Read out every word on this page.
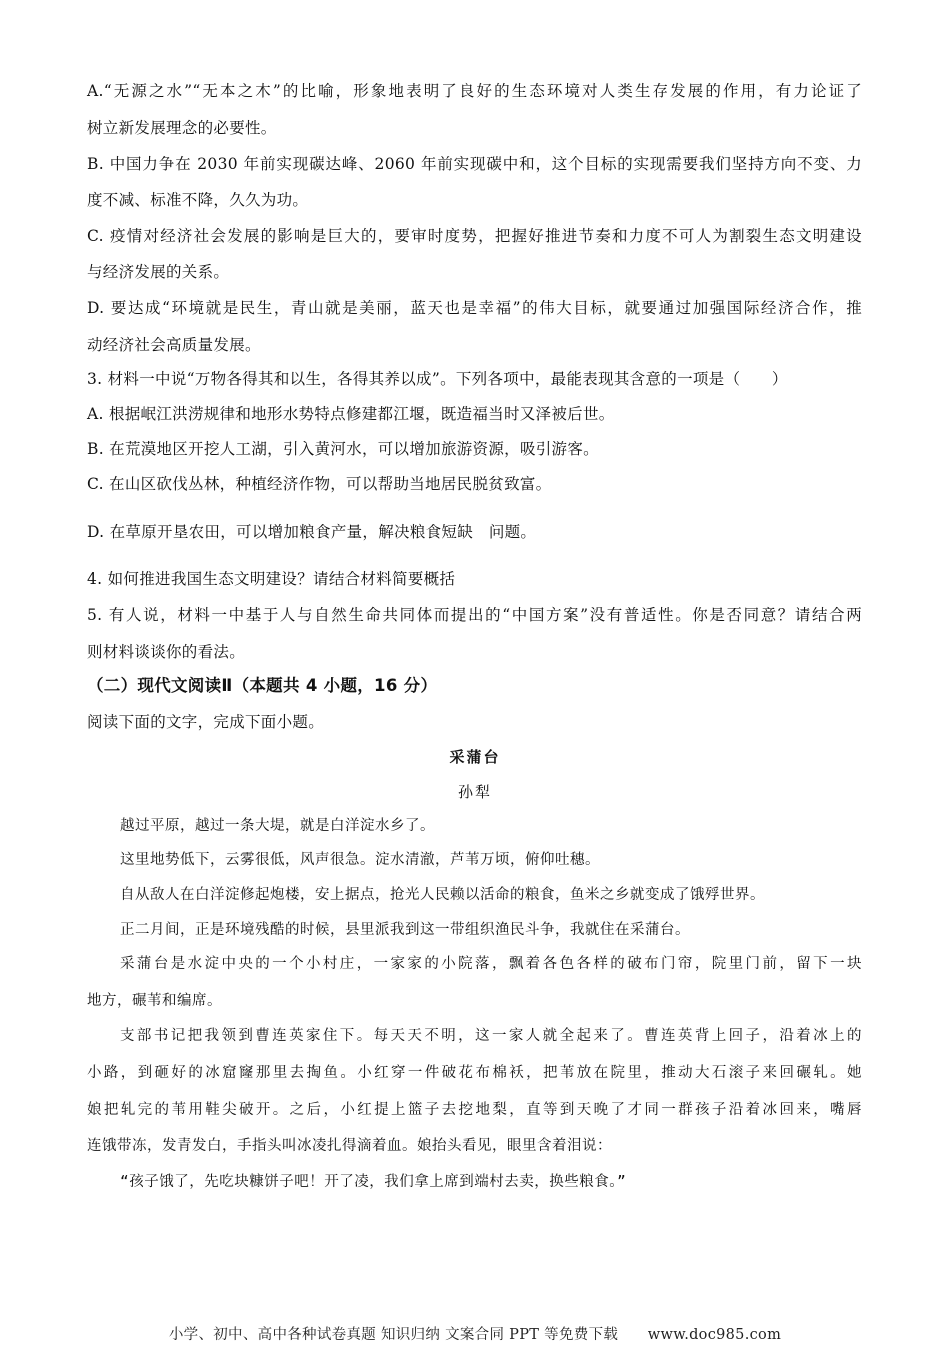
A.“无源之水”“无本之木”的比喻，形象地表明了良好的生态环境对人类生存发展的作用，有力论证了
树立新发展理念的必要性。
B. 中国力争在 2030 年前实现碳达峰、2060 年前实现碳中和，这个目标的实现需要我们坚持方向不变、力
度不减、标准不降，久久为功。
C. 疫情对经济社会发展的影响是巨大的，要审时度势，把握好推进节奏和力度不可人为割裂生态文明建设
与经济发展的关系。
D. 要达成“环境就是民生，青山就是美丽，蓝天也是幸福”的伟大目标，就要通过加强国际经济合作，推
动经济社会高质量发展。
3. 材料一中说“万物各得其和以生，各得其养以成”。下列各项中，最能表现其含意的一项是（　　）
A. 根据岷江洪涝规律和地形水势特点修建都江堰，既造福当时又泽被后世。
B. 在荒漠地区开挖人工湖，引入黄河水，可以增加旅游资源，吸引游客。
C. 在山区砍伐丛林，种植经济作物，可以帮助当地居民脱贫致富。
D. 在草原开垦农田，可以增加粮食产量，解决粮食短缺　问题。
4. 如何推进我国生态文明建设？请结合材料简要概括
5. 有人说，材料一中基于人与自然生命共同体而提出的“中国方案”没有普适性。你是否同意？请结合两
则材料谈谈你的看法。
（二）现代文阅读Ⅱ（本题共 4 小题，16 分）
阅读下面的文字，完成下面小题。
采蒲台
孙犁
越过平原，越过一条大堤，就是白洋淀水乡了。
这里地势低下，云雾很低，风声很急。淀水清澈，芦苇万顷，俯仰吐穗。
自从敌人在白洋淀修起炮楼，安上据点，抢光人民赖以活命的粮食，鱼米之乡就变成了饿殍世界。
正二月间，正是环境残酷的时候，县里派我到这一带组织渔民斗争，我就住在采蒲台。
采蒲台是水淀中央的一个小村庄，一家家的小院落，飘着各色各样的破布门帘，院里门前，留下一块
地方，碾苇和编席。
支部书记把我领到曹连英家住下。每天天不明，这一家人就全起来了。曹连英背上回子，沿着冰上的
小路，到砸好的冰窟窿那里去掏鱼。小红穿一件破花布棉袄，把苇放在院里，推动大石滚子来回碾轧。她
娘把轧完的苇用鞋尖破开。之后，小红提上篮子去挖地梨，直等到天晚了才同一群孩子沿着冰回来，嘴唇
连饿带冻，发青发白，手指头叫冰凌扎得滴着血。娘抬头看见，眼里含着泪说：
“孩子饿了，先吃块糠饼子吧！开了凌，我们拿上席到端村去卖，换些粮食。”
小学、初中、高中各种试卷真题 知识归纳 文案合同 PPT 等免费下载　　www.doc985.com
